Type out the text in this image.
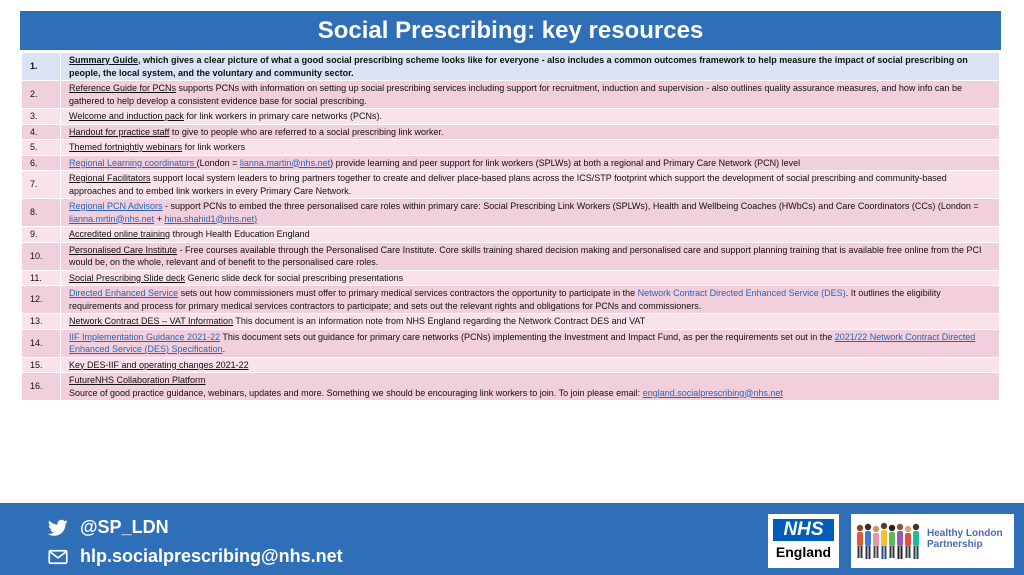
Social Prescribing: key resources
1.	Summary Guide, which gives a clear picture of what a good social prescribing scheme looks like for everyone - also includes a common outcomes framework to help measure the impact of social prescribing on people, the local system, and the voluntary and community sector.
2.	Reference Guide for PCNs supports PCNs with information on setting up social prescribing services including support for recruitment, induction and supervision - also outlines quality assurance measures, and how info can be gathered to help develop a consistent evidence base for social prescribing.
3.	Welcome and induction pack for link workers in primary care networks (PCNs).
4.	Handout for practice staff to give to people who are referred to a social prescribing link worker.
5.	Themed fortnightly webinars for link workers
6.	Regional Learning coordinators (London = lianna.martin@nhs.net) provide learning and peer support for link workers (SPLWs) at both a regional and Primary Care Network (PCN) level
7.	Regional Facilitators support local system leaders to bring partners together to create and deliver place-based plans across the ICS/STP footprint which support the development of social prescribing and community-based approaches and to embed link workers in every Primary Care Network.
8.	Regional PCN Advisors - support PCNs to embed the three personalised care roles within primary care: Social Prescribing Link Workers (SPLWs), Health and Wellbeing Coaches (HWbCs) and Care Coordinators (CCs) (London = lianna.mrtin@nhs.net + hina.shahid1@nhs.net)
9.	Accredited online training through Health Education England
10.	Personalised Care Institute - Free courses available through the Personalised Care Institute. Core skills training shared decision making and personalised care and support planning training that is available free online from the PCI would be, on the whole, relevant and of benefit to the personalised care roles.
11.	Social Prescribing Slide deck Generic slide deck for social prescribing presentations
12.	Directed Enhanced Service sets out how commissioners must offer to primary medical services contractors the opportunity to participate in the Network Contract Directed Enhanced Service (DES). It outlines the eligibility requirements and process for primary medical services contractors to participate; and sets out the relevant rights and obligations for PCNs and commissioners.
13.	Network Contract DES – VAT Information This document is an information note from NHS England regarding the Network Contract DES and VAT
14.	IIF Implementation Guidance 2021-22 This document sets out guidance for primary care networks (PCNs) implementing the Investment and Impact Fund, as per the requirements set out in the 2021/22 Network Contract Directed Enhanced Service (DES) Specification.
15.	Key DES-IIF and operating changes 2021-22
16.	FutureNHS Collaboration Platform
Source of good practice guidance, webinars, updates and more. Something we should be encouraging link workers to join. To join please email: england.socialprescribing@nhs.net
@SP_LDN
hlp.socialprescribing@nhs.net
NHS
England
Healthy London Partnership
